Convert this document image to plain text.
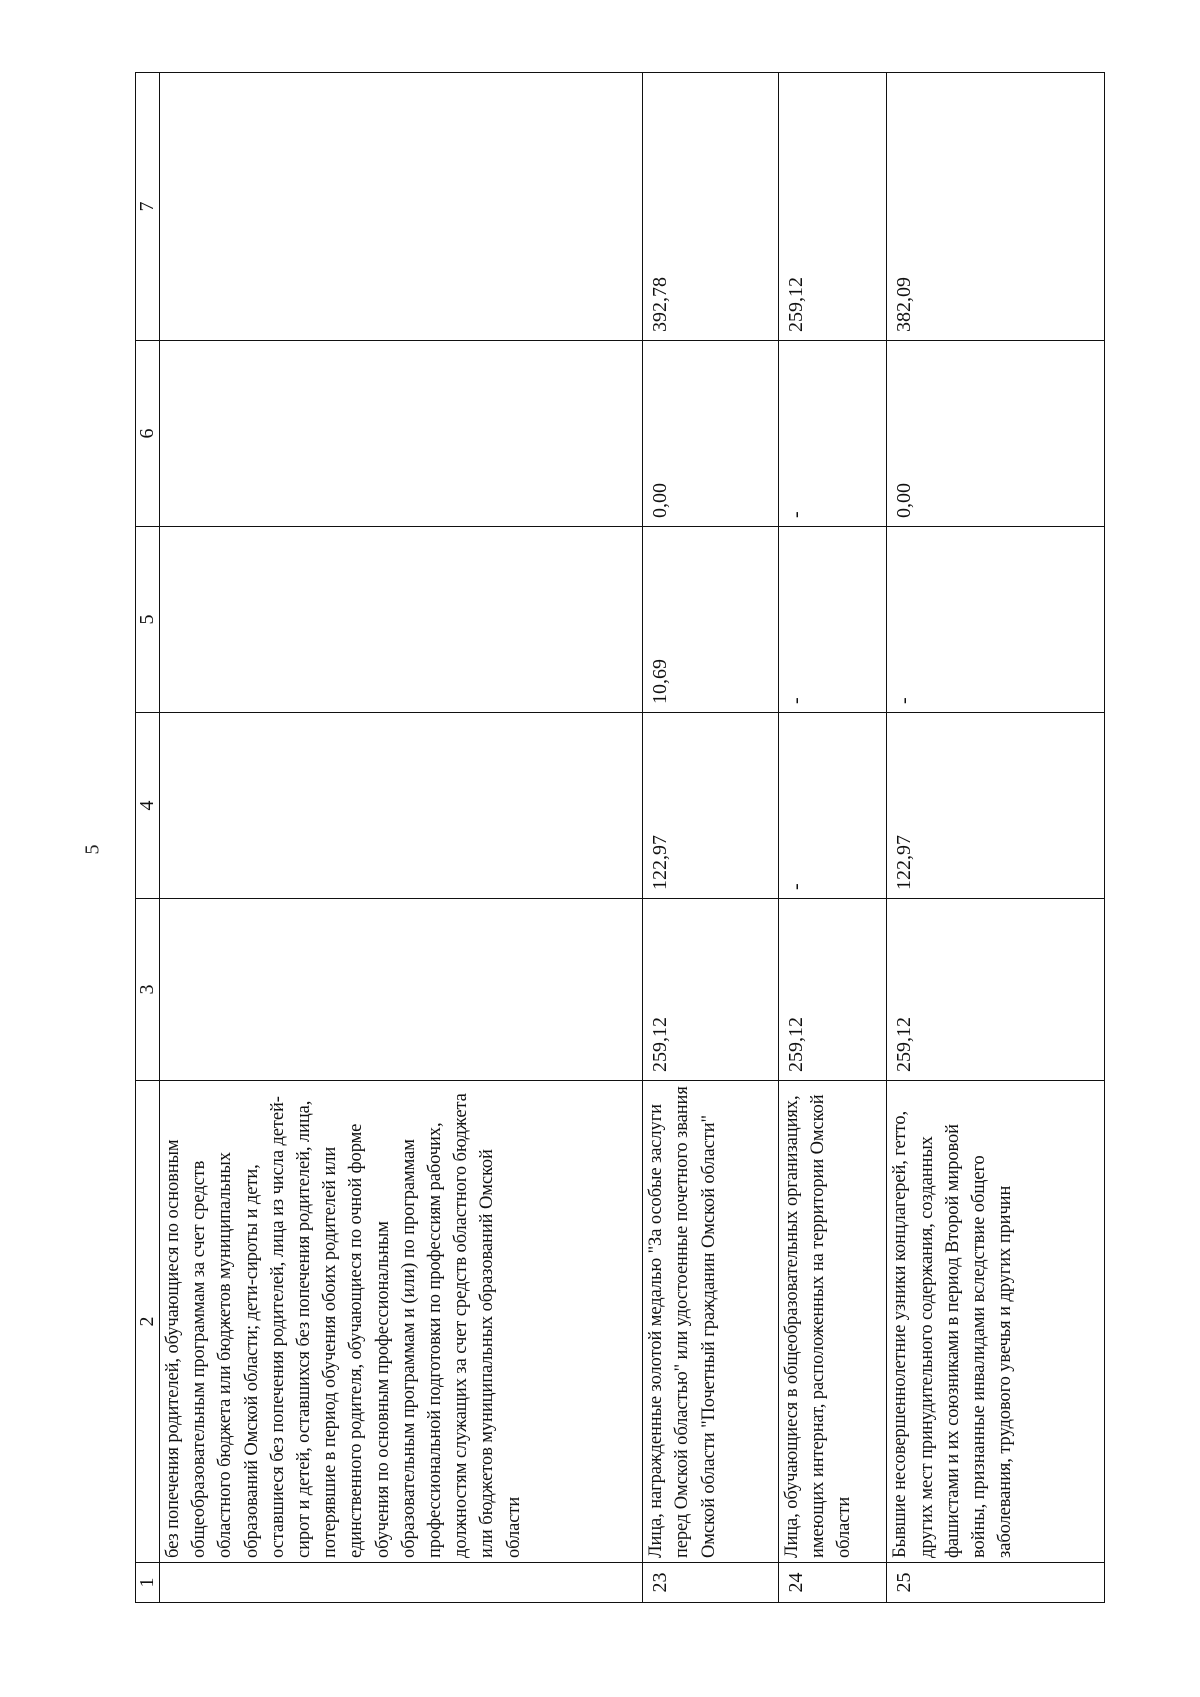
5
1	2	3	4	5	6	7
	без попечения родителей, обучающиеся по основным общеобразовательным программам за счет средств областного бюджета или бюджетов муниципальных образований Омской области; дети-сироты и дети, оставшиеся без попечения родителей, лица из числа детей-сирот и детей, оставшихся без попечения родителей, лица, потерявшие в период обучения обоих родителей или единственного родителя, обучающиеся по очной форме обучения по основным профессиональным образовательным программам и (или) по программам профессиональной подготовки по профессиям рабочих, должностям служащих за счет средств областного бюджета или бюджетов муниципальных образований Омской области					
23	Лица, награжденные золотой медалью "За особые заслуги перед Омской областью" или удостоенные почетного звания Омской области "Почетный гражданин Омской области"	259,12	122,97	10,69	0,00	392,78
24	Лица, обучающиеся в общеобразовательных организациях, имеющих интернат, расположенных на территории Омской области	259,12	-	-	-	259,12
25	Бывшие несовершеннолетние узники концлагерей, гетто, других мест принудительного содержания, созданных фашистами и их союзниками в период Второй мировой войны, признанные инвалидами вследствие общего заболевания, трудового увечья и других причин	259,12	122,97	-	0,00	382,09
